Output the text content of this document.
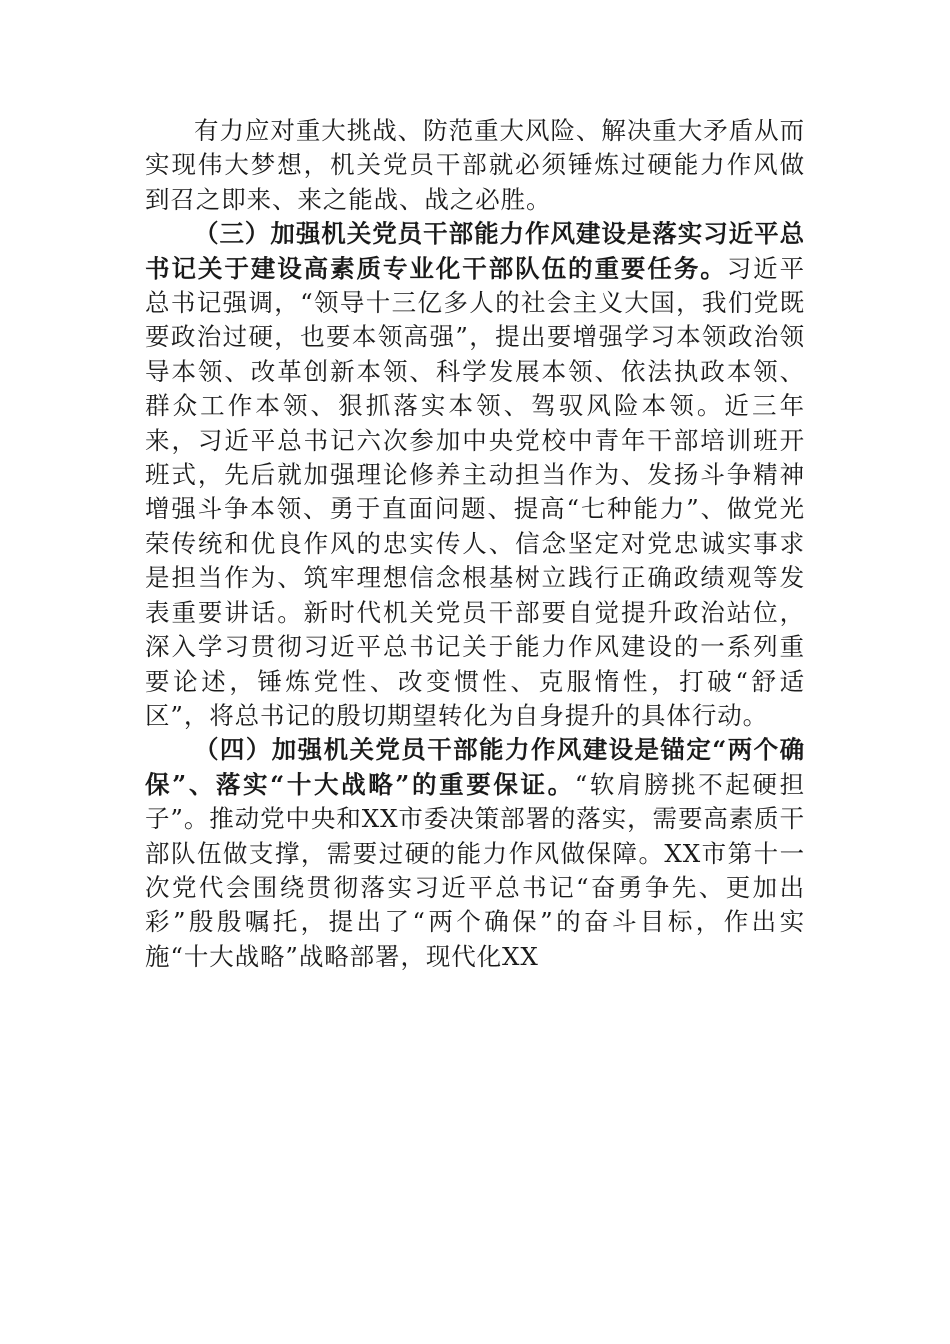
有力应对重大挑战、防范重大风险、解决重大矛盾从而实现伟大梦想，机关党员干部就必须锤炼过硬能力作风做到召之即来、来之能战、战之必胜。

（三）加强机关党员干部能力作风建设是落实习近平总书记关于建设高素质专业化干部队伍的重要任务。习近平总书记强调，“领导十三亿多人的社会主义大国，我们党既要政治过硬，也要本领高强”，提出要增强学习本领政治领导本领、改革创新本领、科学发展本领、依法执政本领、群众工作本领、狠抓落实本领、驾驭风险本领。近三年来，习近平总书记六次参加中央党校中青年干部培训班开班式，先后就加强理论修养主动担当作为、发扬斗争精神增强斗争本领、勇于直面问题、提高“七种能力”、做党光荣传统和优良作风的忠实传人、信念坚定对党忠诚实事求是担当作为、筑牢理想信念根基树立践行正确政绩观等发表重要讲话。新时代机关党员干部要自觉提升政治站位，深入学习贯彻习近平总书记关于能力作风建设的一系列重要论述，锤炼党性、改变惯性、克服惰性，打破“舒适区”，将总书记的殷切期望转化为自身提升的具体行动。

（四）加强机关党员干部能力作风建设是锚定“两个确保”、落实“十大战略”的重要保证。“软肩膀挑不起硬担子”。推动党中央和XX市委决策部署的落实，需要高素质干部队伍做支撑，需要过硬的能力作风做保障。XX市第十一次党代会围绕贯彻落实习近平总书记“奋勇争先、更加出彩”殷殷嘱托，提出了“两个确保”的奋斗目标，作出实施“十大战略”战略部署，现代化XX
